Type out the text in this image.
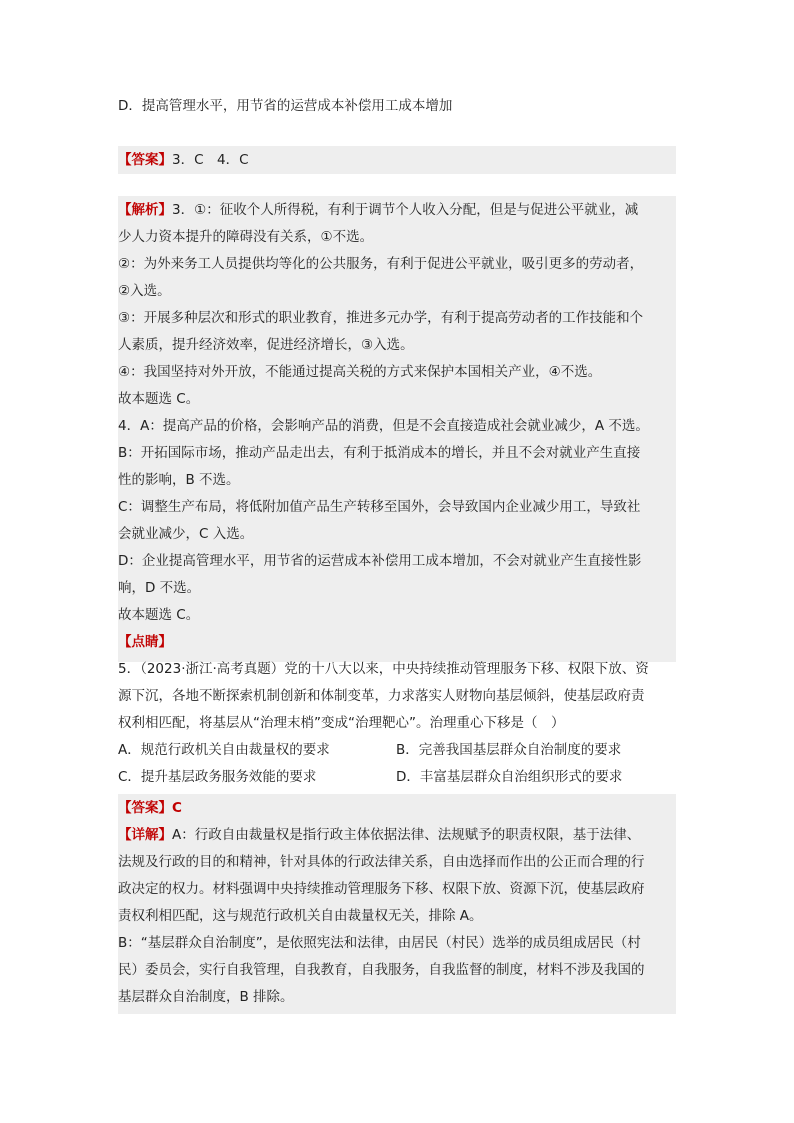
D．提高管理水平，用节省的运营成本补偿用工成本增加
【答案】3．C　4．C
【解析】3．①：征收个人所得税，有利于调节个人收入分配，但是与促进公平就业，减
少人力资本提升的障碍没有关系，①不选。
②：为外来务工人员提供均等化的公共服务，有利于促进公平就业，吸引更多的劳动者，
②入选。
③：开展多种层次和形式的职业教育，推进多元办学，有利于提高劳动者的工作技能和个
人素质，提升经济效率，促进经济增长，③入选。
④：我国坚持对外开放，不能通过提高关税的方式来保护本国相关产业，④不选。
故本题选 C。
4．A：提高产品的价格，会影响产品的消费，但是不会直接造成社会就业减少，A 不选。
B：开拓国际市场，推动产品走出去，有利于抵消成本的增长，并且不会对就业产生直接
性的影响，B 不选。
C：调整生产布局，将低附加值产品生产转移至国外，会导致国内企业减少用工，导致社
会就业减少，C 入选。
D：企业提高管理水平，用节省的运营成本补偿用工成本增加，不会对就业产生直接性影
响，D 不选。
故本题选 C。
【点睛】
5．（2023·浙江·高考真题）党的十八大以来，中央持续推动管理服务下移、权限下放、资
源下沉，各地不断探索机制创新和体制变革，力求落实人财物向基层倾斜，使基层政府责
权利相匹配，将基层从“治理末梢”变成“治理靶心”。治理重心下移是（　）
A．规范行政机关自由裁量权的要求	B．完善我国基层群众自治制度的要求
C．提升基层政务服务效能的要求	D．丰富基层群众自治组织形式的要求
【答案】C
【详解】A：行政自由裁量权是指行政主体依据法律、法规赋予的职责权限，基于法律、
法规及行政的目的和精神，针对具体的行政法律关系，自由选择而作出的公正而合理的行
政决定的权力。材料强调中央持续推动管理服务下移、权限下放、资源下沉，使基层政府
责权利相匹配，这与规范行政机关自由裁量权无关，排除 A。
B：“基层群众自治制度”，是依照宪法和法律，由居民（村民）选举的成员组成居民（村
民）委员会，实行自我管理，自我教育，自我服务，自我监督的制度，材料不涉及我国的
基层群众自治制度，B 排除。
